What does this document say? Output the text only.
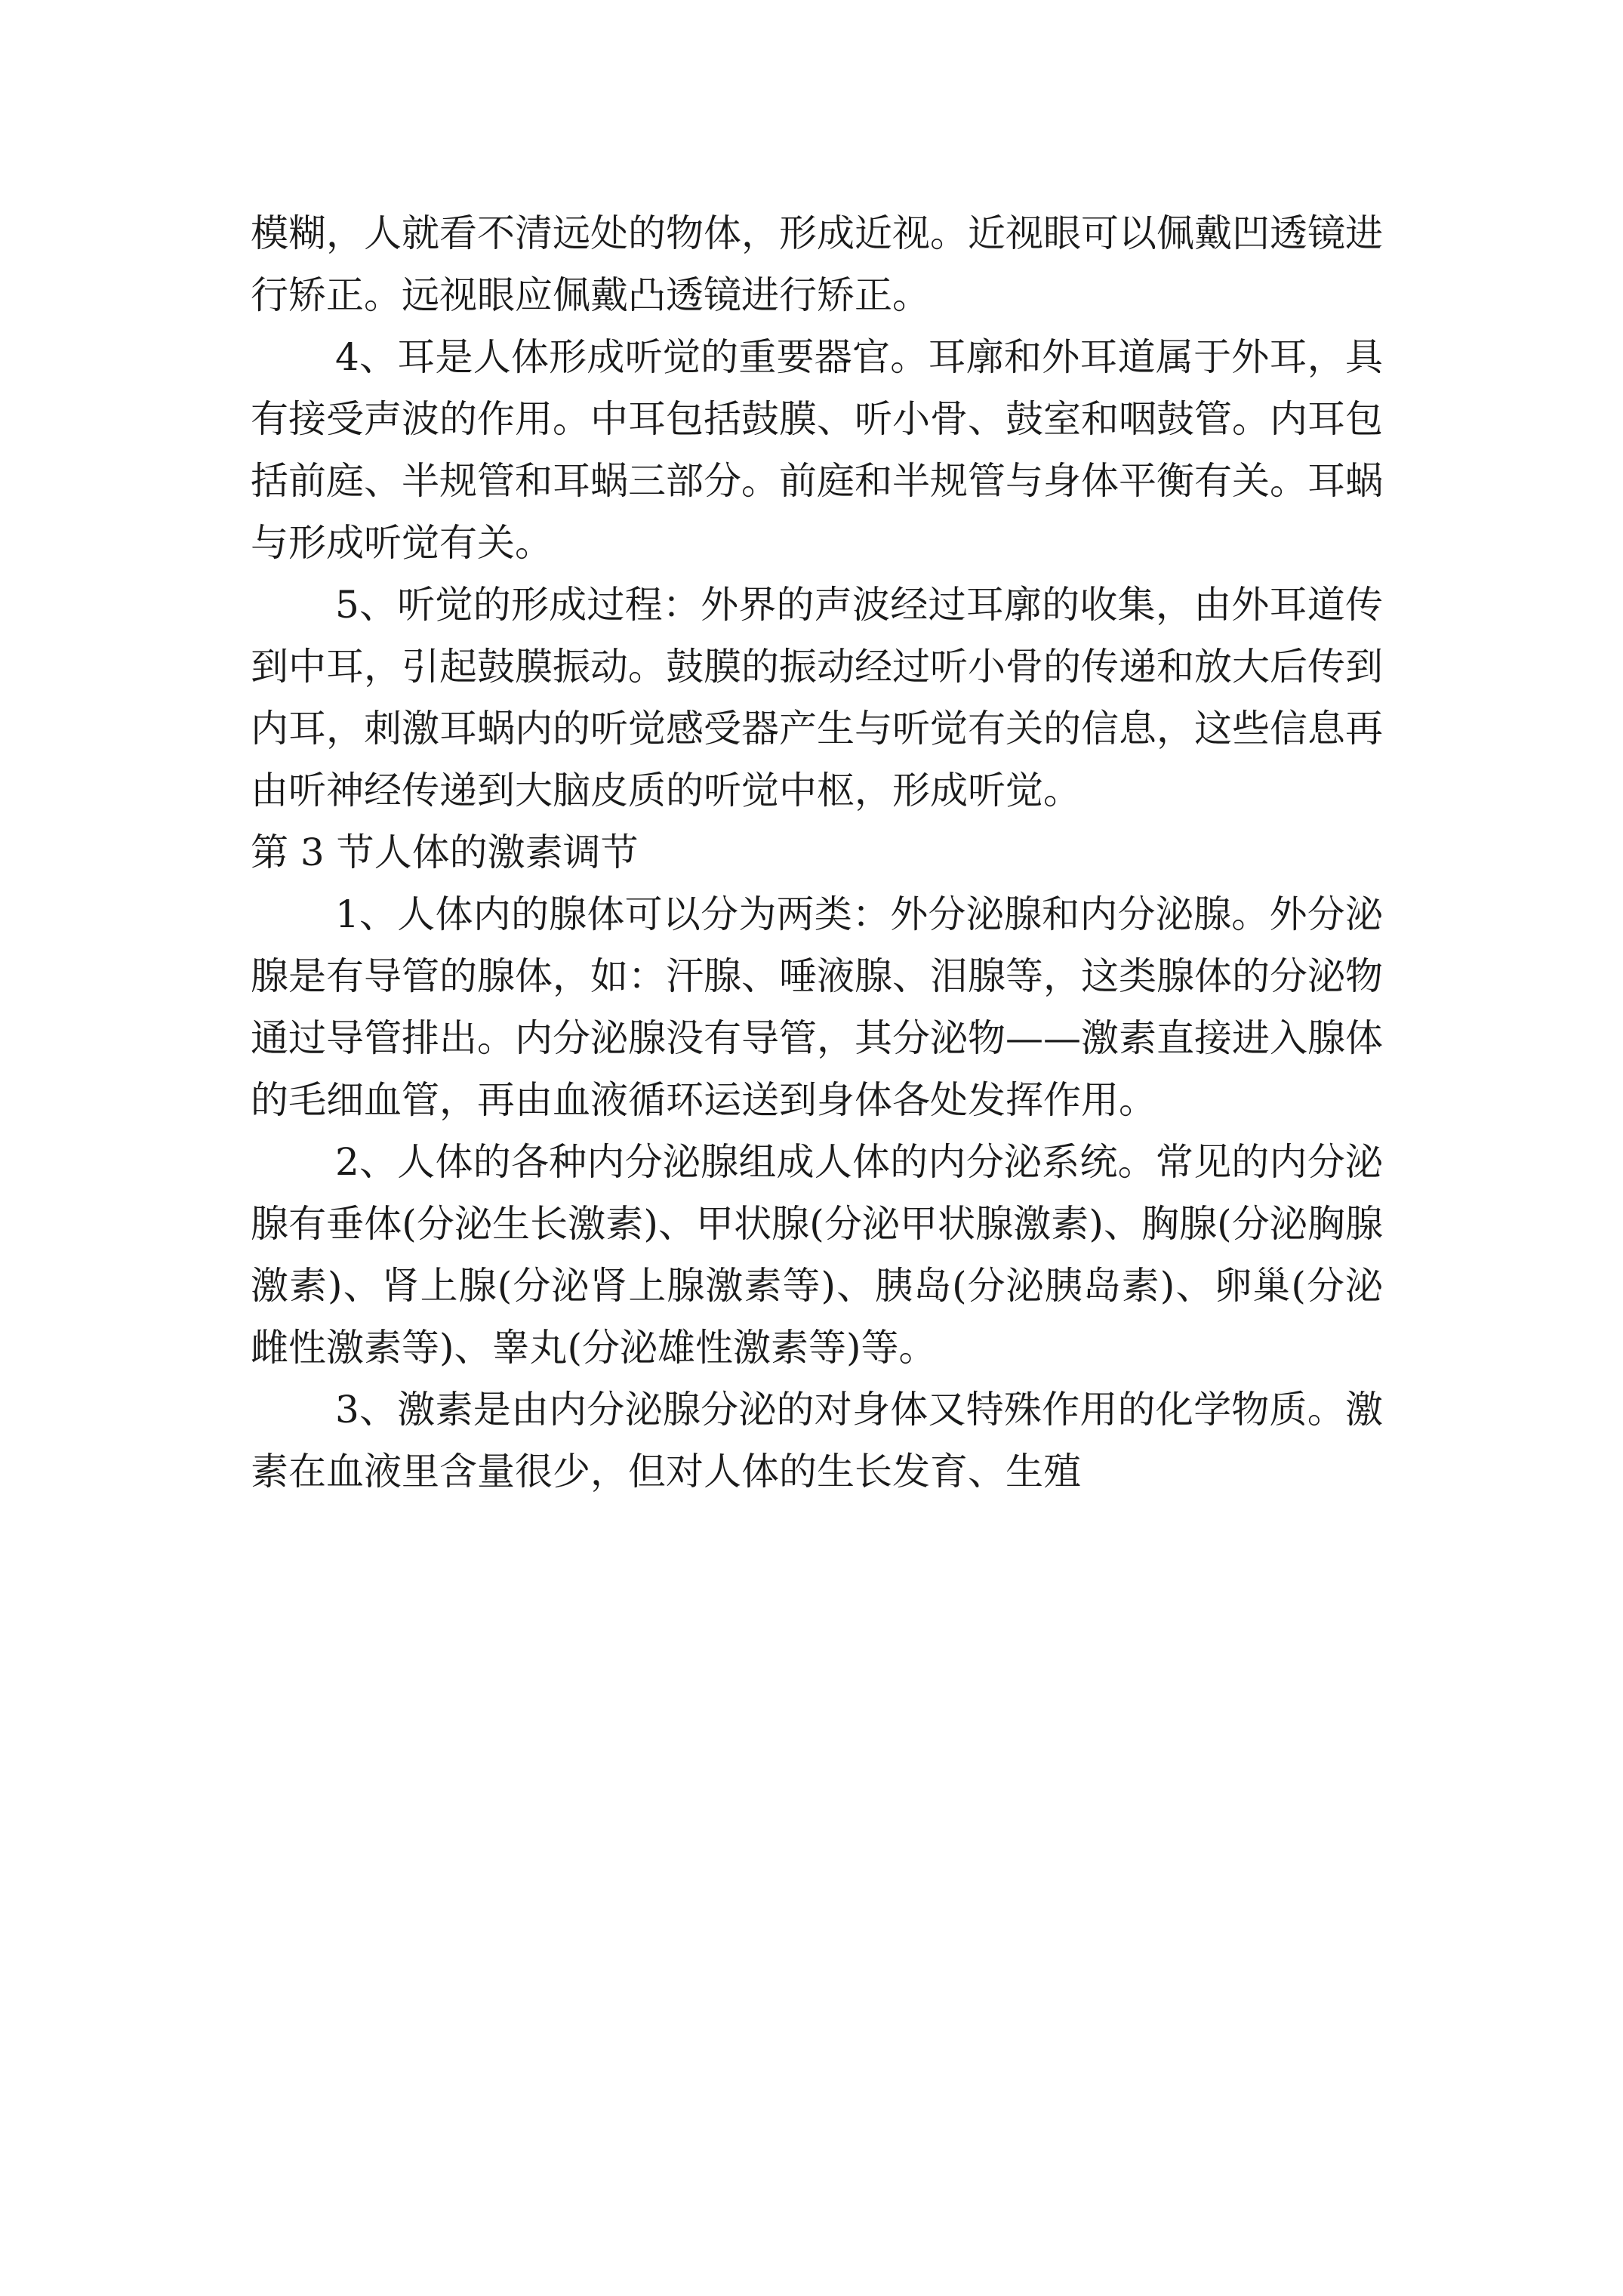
模糊，人就看不清远处的物体，形成近视。近视眼可以佩戴凹透镜进行矫正。远视眼应佩戴凸透镜进行矫正。

4、耳是人体形成听觉的重要器官。耳廓和外耳道属于外耳，具有接受声波的作用。中耳包括鼓膜、听小骨、鼓室和咽鼓管。内耳包括前庭、半规管和耳蜗三部分。前庭和半规管与身体平衡有关。耳蜗与形成听觉有关。

5、听觉的形成过程：外界的声波经过耳廓的收集，由外耳道传到中耳，引起鼓膜振动。鼓膜的振动经过听小骨的传递和放大后传到内耳，刺激耳蜗内的听觉感受器产生与听觉有关的信息，这些信息再由听神经传递到大脑皮质的听觉中枢，形成听觉。

第 3 节人体的激素调节

1、人体内的腺体可以分为两类：外分泌腺和内分泌腺。外分泌腺是有导管的腺体，如：汗腺、唾液腺、泪腺等，这类腺体的分泌物通过导管排出。内分泌腺没有导管，其分泌物——激素直接进入腺体的毛细血管，再由血液循环运送到身体各处发挥作用。

2、人体的各种内分泌腺组成人体的内分泌系统。常见的内分泌腺有垂体(分泌生长激素)、甲状腺(分泌甲状腺激素)、胸腺(分泌胸腺激素)、肾上腺(分泌肾上腺激素等)、胰岛(分泌胰岛素)、卵巢(分泌雌性激素等)、睾丸(分泌雄性激素等)等。

3、激素是由内分泌腺分泌的对身体又特殊作用的化学物质。激素在血液里含量很少，但对人体的生长发育、生殖
